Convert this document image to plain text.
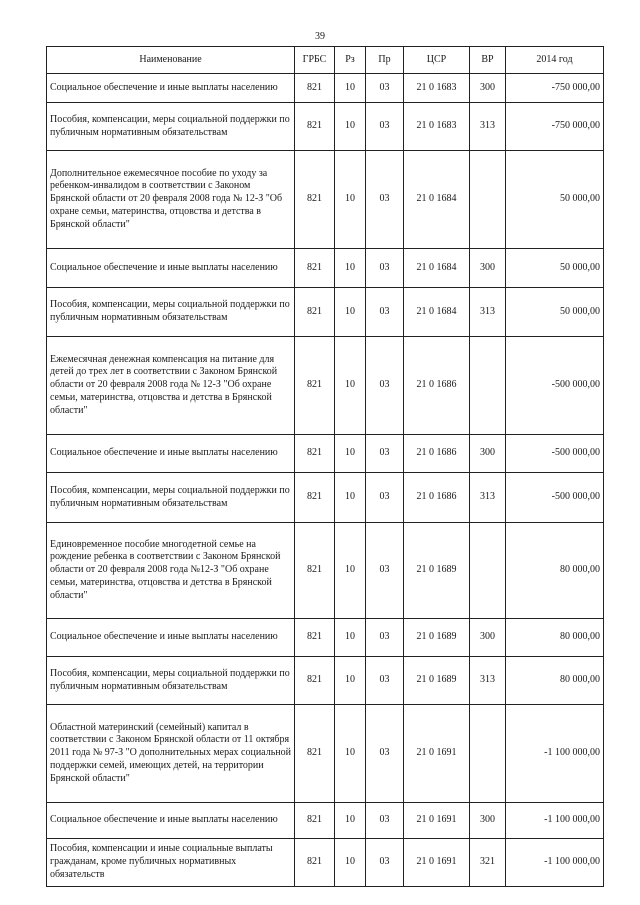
39
Наименование	ГРБС	Рз	Пр	ЦСР	ВР	2014 год
Социальное обеспечение и иные выплаты населению	821	10	03	21 0 1683	300	-750 000,00
Пособия, компенсации, меры социальной поддержки по публичным нормативным обязательствам	821	10	03	21 0 1683	313	-750 000,00
Дополнительное ежемесячное пособие по уходу за ребенком-инвалидом в соответствии с Законом Брянской области от 20 февраля 2008 года № 12-З "Об охране семьи, материнства, отцовства и детства в Брянской области"	821	10	03	21 0 1684		50 000,00
Социальное обеспечение и иные выплаты населению	821	10	03	21 0 1684	300	50 000,00
Пособия, компенсации, меры социальной поддержки по публичным нормативным обязательствам	821	10	03	21 0 1684	313	50 000,00
Ежемесячная денежная компенсация на питание для детей до трех лет в соответствии с Законом Брянской области от 20 февраля 2008 года № 12-З "Об охране семьи, материнства, отцовства и детства в Брянской области"	821	10	03	21 0 1686		-500 000,00
Социальное обеспечение и иные выплаты населению	821	10	03	21 0 1686	300	-500 000,00
Пособия, компенсации, меры социальной поддержки по публичным нормативным обязательствам	821	10	03	21 0 1686	313	-500 000,00
Единовременное пособие многодетной семье на рождение ребенка в соответствии с Законом Брянской области от 20 февраля 2008 года №12-З "Об охране семьи, материнства, отцовства и детства в Брянской области"	821	10	03	21 0 1689		80 000,00
Социальное обеспечение и иные выплаты населению	821	10	03	21 0 1689	300	80 000,00
Пособия, компенсации, меры социальной поддержки по публичным нормативным обязательствам	821	10	03	21 0 1689	313	80 000,00
Областной материнский (семейный) капитал в соответствии с Законом Брянской области от 11 октября 2011 года № 97-З "О дополнительных мерах социальной поддержки семей, имеющих детей, на территории Брянской области"	821	10	03	21 0 1691		-1 100 000,00
Социальное обеспечение и иные выплаты населению	821	10	03	21 0 1691	300	-1 100 000,00
Пособия, компенсации и иные социальные выплаты гражданам, кроме публичных нормативных обязательств	821	10	03	21 0 1691	321	-1 100 000,00
